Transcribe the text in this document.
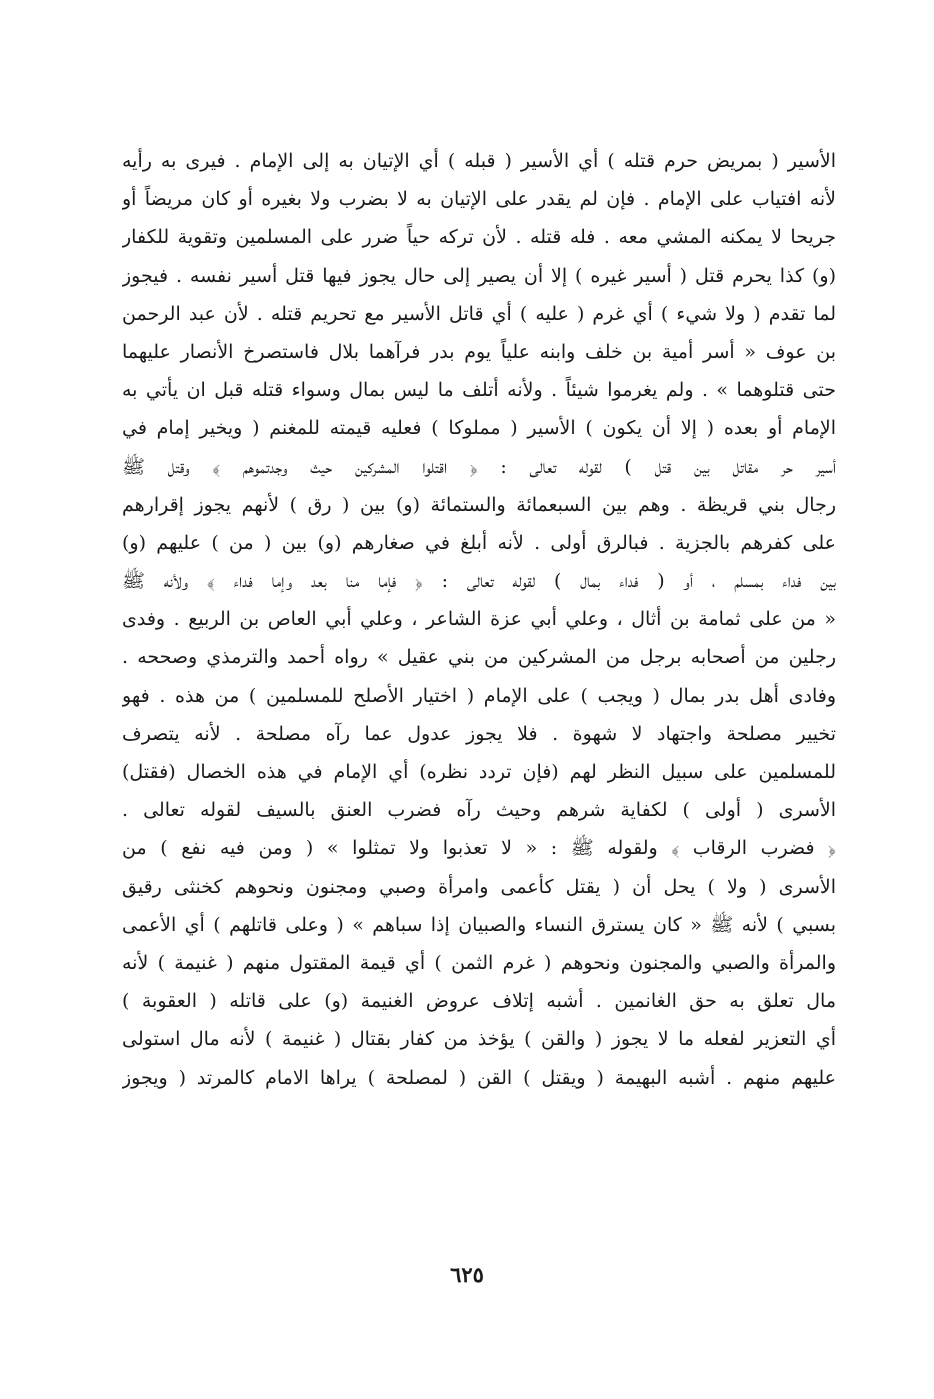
الأسير ( بمريض حرم قتله ) أي الأسير ( قبله ) أي الإتيان به إلى الإمام . فيرى به رأيه
لأنه افتياب على الإمام . فإن لم يقدر على الإتيان به لا بضرب ولا بغيره أو كان مريضاً أو
جريحا لا يمكنه المشي معه . فله قتله . لأن تركه حياً ضرر على المسلمين وتقوية للكفار
(و) كذا يحرم قتل ( أسير غيره ) إلا أن يصير إلى حال يجوز فيها قتل أسير نفسه . فيجوز
لما تقدم ( ولا شيء ) أي غرم ( عليه ) أي قاتل الأسير مع تحريم قتله . لأن عبد الرحمن
بن عوف « أسر أمية بن خلف وابنه علياً يوم بدر فرآهما بلال فاستصرخ الأنصار عليهما
حتى قتلوهما » . ولم يغرموا شيئاً . ولأنه أتلف ما ليس بمال وسواء قتله قبل ان يأتي به
الإمام أو بعده ( إلا أن يكون ) الأسير ( مملوكا ) فعليه قيمته للمغنم ( ويخير إمام في
أسير حر مقاتل بين قتل ) لقوله تعالى : ﴿ اقتلوا المشركين حيث وجدتموهم ﴾ وقتل ﷺ
رجال بني قريظة . وهم بين السبعمائة والستمائة (و) بين ( رق ) لأنهم يجوز إقرارهم
على كفرهم بالجزية . فبالرق أولى . لأنه أبلغ في صغارهم (و) بين ( من ) عليهم (و)
بين فداء بمسلم ، أو ( فداء بمال ) لقوله تعالى : ﴿ فإما منا بعد وإما فداء ﴾ ولأنه ﷺ
« من على ثمامة بن أثال ، وعلي أبي عزة الشاعر ، وعلي أبي العاص بن الربيع . وفدى
رجلين من أصحابه برجل من المشركين من بني عقيل » رواه أحمد والترمذي وصححه .
وفادى أهل بدر بمال ( ويجب ) على الإمام ( اختيار الأصلح للمسلمين ) من هذه . فهو
تخيير مصلحة واجتهاد لا شهوة . فلا يجوز عدول عما رآه مصلحة . لأنه يتصرف
للمسلمين على سبيل النظر لهم (فإن تردد نظره) أي الإمام في هذه الخصال (فقتل)
الأسرى ( أولى ) لكفاية شرهم وحيث رآه فضرب العنق بالسيف لقوله تعالى .
﴿ فضرب الرقاب ﴾ ولقوله ﷺ : « لا تعذبوا ولا تمثلوا » ( ومن فيه نفع ) من
الأسرى ( ولا ) يحل أن ( يقتل كأعمى وامرأة وصبي ومجنون ونحوهم كخنثى رقيق
بسبي ) لأنه ﷺ « كان يسترق النساء والصبيان إذا سباهم » ( وعلى قاتلهم ) أي الأعمى
والمرأة والصبي والمجنون ونحوهم ( غرم الثمن ) أي قيمة المقتول منهم ( غنيمة ) لأنه
مال تعلق به حق الغانمين . أشبه إتلاف عروض الغنيمة (و) على قاتله ( العقوبة )
أي التعزير لفعله ما لا يجوز ( والقن ) يؤخذ من كفار بقتال ( غنيمة ) لأنه مال استولى
عليهم منهم . أشبه البهيمة ( ويقتل ) القن ( لمصلحة ) يراها الامام كالمرتد ( ويجوز
٦٢٥
